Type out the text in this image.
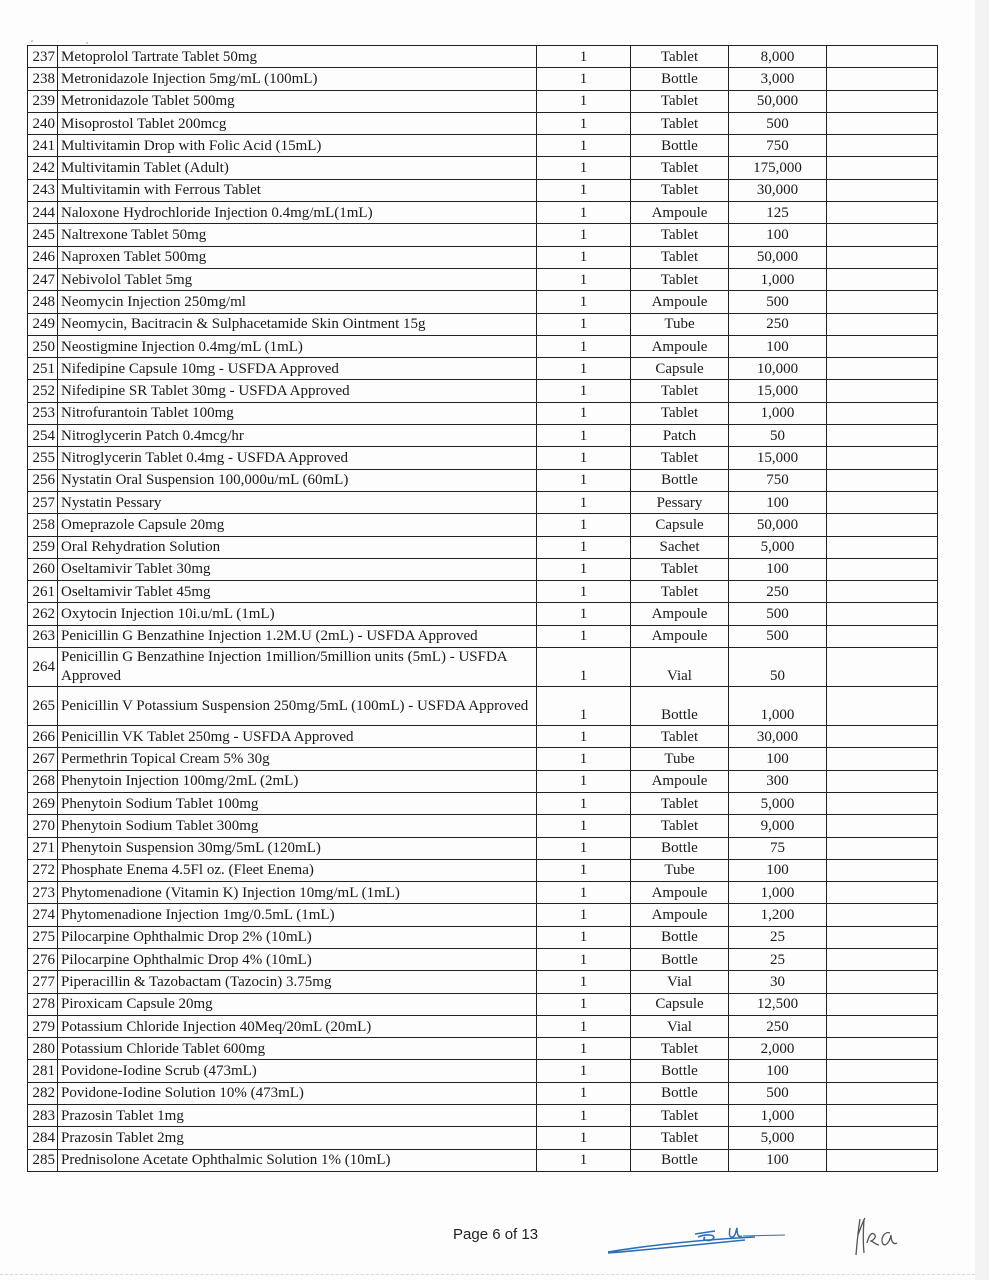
237	Metoprolol Tartrate Tablet 50mg	1	Tablet	8,000	
238	Metronidazole Injection 5mg/mL (100mL)	1	Bottle	3,000	
239	Metronidazole Tablet 500mg	1	Tablet	50,000	
240	Misoprostol Tablet 200mcg	1	Tablet	500	
241	Multivitamin Drop with Folic Acid (15mL)	1	Bottle	750	
242	Multivitamin Tablet (Adult)	1	Tablet	175,000	
243	Multivitamin with Ferrous Tablet	1	Tablet	30,000	
244	Naloxone Hydrochloride Injection 0.4mg/mL(1mL)	1	Ampoule	125	
245	Naltrexone Tablet 50mg	1	Tablet	100	
246	Naproxen Tablet 500mg	1	Tablet	50,000	
247	Nebivolol Tablet 5mg	1	Tablet	1,000	
248	Neomycin Injection 250mg/ml	1	Ampoule	500	
249	Neomycin, Bacitracin & Sulphacetamide Skin Ointment 15g	1	Tube	250	
250	Neostigmine Injection 0.4mg/mL (1mL)	1	Ampoule	100	
251	Nifedipine Capsule 10mg - USFDA Approved	1	Capsule	10,000	
252	Nifedipine SR Tablet 30mg - USFDA Approved	1	Tablet	15,000	
253	Nitrofurantoin Tablet 100mg	1	Tablet	1,000	
254	Nitroglycerin Patch 0.4mcg/hr	1	Patch	50	
255	Nitroglycerin Tablet 0.4mg - USFDA Approved	1	Tablet	15,000	
256	Nystatin Oral Suspension 100,000u/mL (60mL)	1	Bottle	750	
257	Nystatin Pessary	1	Pessary	100	
258	Omeprazole Capsule 20mg	1	Capsule	50,000	
259	Oral Rehydration Solution	1	Sachet	5,000	
260	Oseltamivir Tablet 30mg	1	Tablet	100	
261	Oseltamivir Tablet 45mg	1	Tablet	250	
262	Oxytocin Injection 10i.u/mL (1mL)	1	Ampoule	500	
263	Penicillin G Benzathine Injection 1.2M.U (2mL) - USFDA Approved	1	Ampoule	500	
264	Penicillin G Benzathine Injection 1million/5million units (5mL) - USFDA Approved	1	Vial	50	
265	Penicillin V Potassium Suspension 250mg/5mL (100mL) - USFDA Approved	1	Bottle	1,000	
266	Penicillin VK Tablet 250mg - USFDA Approved	1	Tablet	30,000	
267	Permethrin Topical Cream 5% 30g	1	Tube	100	
268	Phenytoin Injection 100mg/2mL (2mL)	1	Ampoule	300	
269	Phenytoin Sodium Tablet 100mg	1	Tablet	5,000	
270	Phenytoin Sodium Tablet 300mg	1	Tablet	9,000	
271	Phenytoin Suspension 30mg/5mL (120mL)	1	Bottle	75	
272	Phosphate Enema 4.5Fl oz. (Fleet Enema)	1	Tube	100	
273	Phytomenadione (Vitamin K) Injection 10mg/mL (1mL)	1	Ampoule	1,000	
274	Phytomenadione Injection 1mg/0.5mL (1mL)	1	Ampoule	1,200	
275	Pilocarpine Ophthalmic Drop 2% (10mL)	1	Bottle	25	
276	Pilocarpine Ophthalmic Drop 4% (10mL)	1	Bottle	25	
277	Piperacillin & Tazobactam (Tazocin) 3.75mg	1	Vial	30	
278	Piroxicam Capsule 20mg	1	Capsule	12,500	
279	Potassium Chloride Injection 40Meq/20mL (20mL)	1	Vial	250	
280	Potassium Chloride Tablet 600mg	1	Tablet	2,000	
281	Povidone-Iodine Scrub (473mL)	1	Bottle	100	
282	Povidone-Iodine Solution 10% (473mL)	1	Bottle	500	
283	Prazosin Tablet 1mg	1	Tablet	1,000	
284	Prazosin Tablet 2mg	1	Tablet	5,000	
285	Prednisolone Acetate Ophthalmic Solution 1% (10mL)	1	Bottle	100	
Page 6 of 13
